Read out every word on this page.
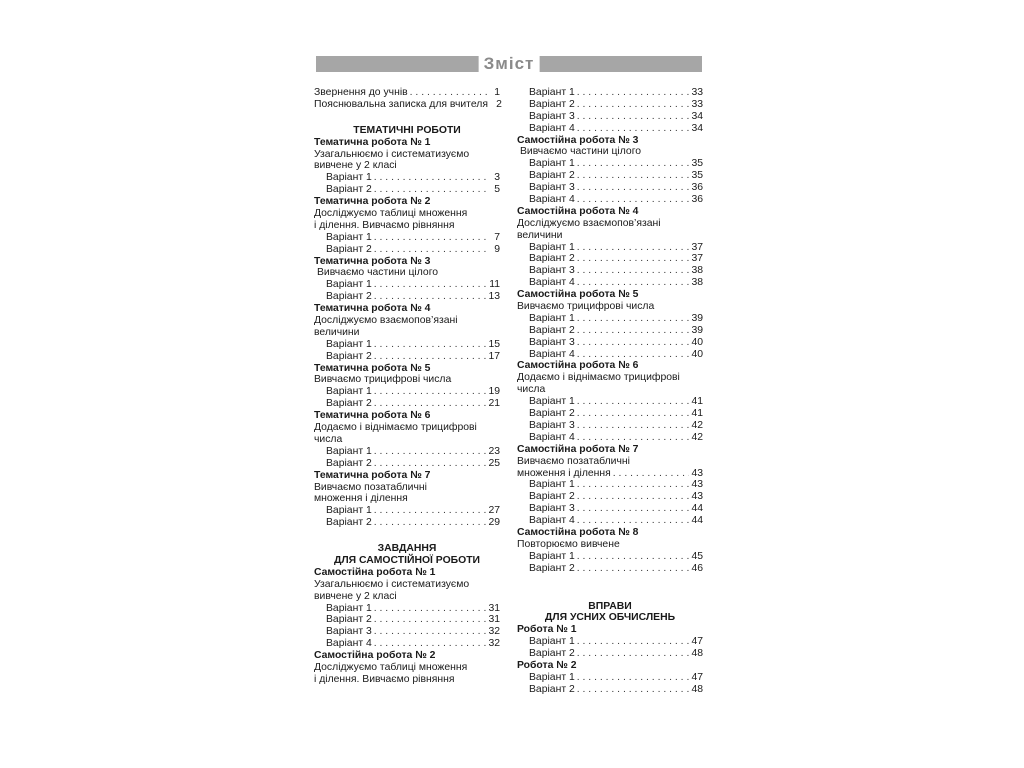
Зміст
Звернення до учнів . . .	1
Пояснювальна записка для вчителя . . . 2
ТЕМАТИЧНІ РОБОТИ
Тематична робота № 1
Узагальнюємо і систематизуємо
вивчене у 2 класі
Варіант 1 . . .	3
Варіант 2 . . .	5
Тематична робота № 2
Досліджуємо таблиці множення
і ділення. Вивчаємо рівняння
Варіант 1 . . .	7
Варіант 2 . . .	9
Тематична робота № 3
Вивчаємо частини цілого
Варіант 1 . . .	11
Варіант 2 . . .	13
Тематична робота № 4
Досліджуємо взаємопов’язані
величини
Варіант 1 . . .	15
Варіант 2 . . .	17
Тематична робота № 5
Вивчаємо трицифрові числа
Варіант 1 . . .	19
Варіант 2 . . .	21
Тематична робота № 6
Додаємо і віднімаємо трицифрові
числа
Варіант 1 . . .	23
Варіант 2 . . .	25
Тематична робота № 7
Вивчаємо позатабличні
множення і ділення
Варіант 1 . . .	27
Варіант 2 . . .	29
ЗАВДАННЯ
ДЛЯ САМОСТІЙНОЇ РОБОТИ
Самостійна робота № 1
Узагальнюємо і систематизуємо
вивчене у 2 класі
Варіант 1 . . .	31
Варіант 2 . . .	31
Варіант 3 . . .	32
Варіант 4 . . .	32
Самостійна робота № 2
Досліджуємо таблиці множення
і ділення. Вивчаємо рівняння
Варіант 1 . . .	33
Варіант 2 . . .	33
Варіант 3 . . .	34
Варіант 4 . . .	34
Самостійна робота № 3
Вивчаємо частини цілого
Варіант 1 . . .	35
Варіант 2 . . .	35
Варіант 3 . . .	36
Варіант 4 . . .	36
Самостійна робота № 4
Досліджуємо взаємопов’язані
величини
Варіант 1 . . .	37
Варіант 2 . . .	37
Варіант 3 . . .	38
Варіант 4 . . .	38
Самостійна робота № 5
Вивчаємо трицифрові числа
Варіант 1 . . .	39
Варіант 2 . . .	39
Варіант 3 . . .	40
Варіант 4 . . .	40
Самостійна робота № 6
Додаємо і віднімаємо трицифрові
числа
Варіант 1 . . .	41
Варіант 2 . . .	41
Варіант 3 . . .	42
Варіант 4 . . .	42
Самостійна робота № 7
Вивчаємо позатабличні
множення і ділення . . .	43
Варіант 1 . . .	43
Варіант 2 . . .	43
Варіант 3 . . .	44
Варіант 4 . . .	44
Самостійна робота № 8
Повторюємо вивчене
Варіант 1 . . .	45
Варіант 2 . . .	46
ВПРАВИ
ДЛЯ УСНИХ ОБЧИСЛЕНЬ
Робота № 1
Варіант 1 . . .	47
Варіант 2 . . .	48
Робота № 2
Варіант 1 . . .	47
Варіант 2 . . .	48
